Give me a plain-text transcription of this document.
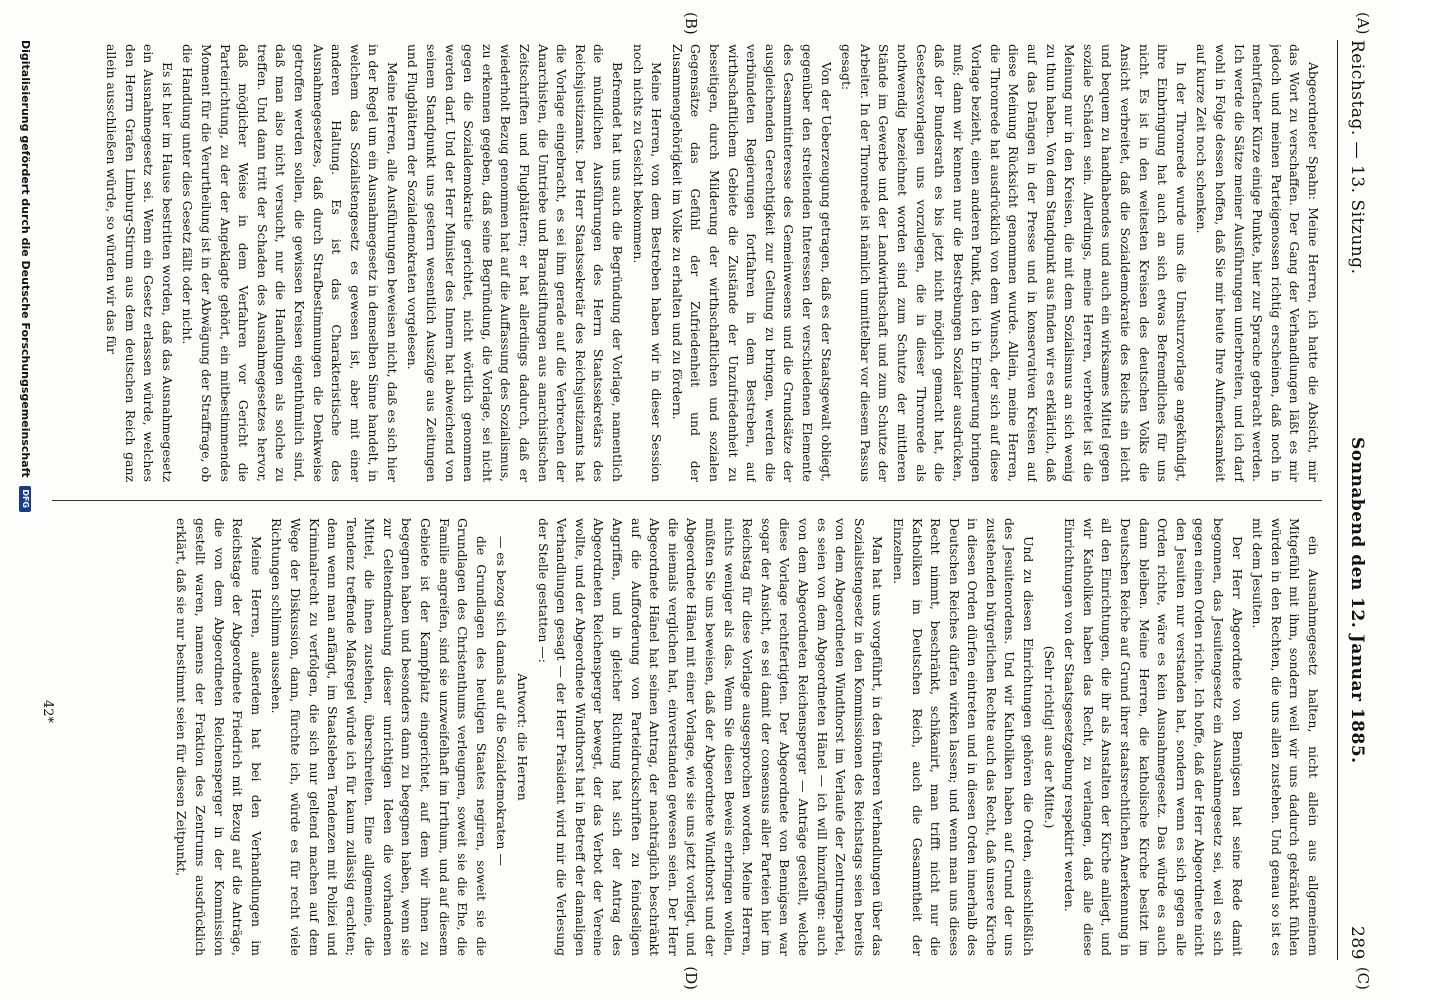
(A)
(B)
(C)
(D)
Reichstag. — 13. Sitzung.
Sonnabend den 12. Januar 1885.
289

Abgeordneter Spahn: Meine Herren, ich hatte die Absicht, mir das Wort zu verschaffen. Der Gang der Verhandlungen läßt es mir jedoch und meinen Parteigenossen richtig erscheinen, daß noch in mehr(facher Kürze einige Punkte, hier zur Sprache gebracht werden. Ich werde die Sätze meiner Ausführungen unterbreiten, und ich darf wohl in Folge dessen hoffen, daß Sie mir heute Ihre Aufmerksamkeit auf kurze Zeit noch schenken.

In der Thronrede wurde uns die Umsturzvorlage angekündigt, ihre Einbringung hat auch an sich etwas Befremdliches für uns nicht. Es ist in den weitesten Kreisen des deutschen Volks die Ansicht verbreitet, daß die Sozialdemokratie des Reichs ein leicht und bequem zu handhabendes und auch ein wirksames Mittel gegen soziale Schäden sein. Allerdings, meine Herren, verbreitet ist die Meinung nur in den Kreisen, die mit dem Sozialismus an sich wenig zu thun haben. Von dem Standpunkt aus finden wir es erklärlich, daß auf das Drängen in der Presse und in konservativen Kreisen auf diese Meinung Rücksicht genommen wurde. Allein, meine Herren, die Thronrede hat ausdrücklich von dem Wunsch, der sich auf diese Vorlage bezieht, einen anderen Punkt, den ich in Erinnerung bringen muß; dann wir kennen nur die Bestrebungen Sozialer ausdrücken, daß der Bundesrath es bis jetzt nicht möglich gemacht hat, die Gesetzesvorlagen uns vorzulegen, die in dieser Thronrede als nothwendig bezeichnet worden sind zum Schutze der mittleren Stände im Gewerbe und der Landwirthschaft und zum Schutze der Arbeiter. In der Thronrede ist nämlich unmittelbar vor diesem Passus gesagt:

Von der Ueberzeugung getragen, daß es der Staatsgewalt obliegt, gegenüber den streitenden Interessen der verschiedenen Elemente des Gesammtinteresse des Gemeinwesens und die Grundsätze der ausgleichenden Gerechtigkeit zur Geltung zu bringen, werden die verbündeten Regierungen fortfahren in dem Bestreben, auf wirthschaftlichem Gebiete die Zustände der Unzufriedenheit zu beseitigen, durch Milderung der wirthschaftlichen und sozialen Gegensätze das Gefühl der Zufriedenheit und der Zusammengehörigkeit im Volke zu erhalten und zu fördern.

Meine Herren, von dem Bestreben haben wir in dieser Session noch nichts zu Gesicht bekommen.

Befremdet hat uns auch die Begründung der Vorlage, namentlich die mündlichen Ausführungen des Herrn Staatssekretärs des Reichsjustizamts. Der Herr Staatssekretär des Reichsjustizamts hat die Vorlage eingebracht, es sei ihm gerade auf die Verbrechen der Anarchisten, die Umtriebe und Brandstiftungen aus anarchistischen Zeitschriften und Flugblättern; er hat allerdings dadurch, daß er wiederholt Bezug genommen hat auf die Auffassung des Sozialismus, zu erkennen gegeben, daß seine Begründung, die Vorlage, sei nicht gegen die Sozialdemokratie gerichtet, nicht wörtlich genommen werden darf. Und der Herr Minister des Innern hat abweichend von seinem Standpunkt uns gestern wesentlich Auszüge aus Zeitungen und Flugblättern der Sozialdemokraten vorgelesen.

Meine Herren, alle Ausführungen beweisen nicht, daß es sich hier in der Regel um ein Ausnahmegesetz in demselben Sinne handelt, in welchem das Sozialistengesetz es gewesen ist, aber mit einer anderen Haltung. Es ist das Charakteristische des Ausnahmegesetzes, daß durch Strafbestimmungen die Denkweise getroffen werden sollen, die gewissen Kreisen eigenthümlich sind, daß man also nicht versucht, nur die Handlungen als solche zu treffen. Und dann tritt der Schaden des Ausnahmegesetzes hervor, daß möglicher Weise in dem Verfahren vor Gericht die Parteirichtung, zu der der Angeklagte gehört, ein mitbestimmendes Moment für die Verurtheilung ist in der Abwägung der Straffrage, ob die Handlung unter dies Gesetz fällt oder nicht.

Es ist hier im Hause bestritten worden, daß das Ausnahmegesetz ein Ausnahmegesetz sei. Wenn ein Gesetz erlassen würde, welches den Herrn Grafen Limburg-Stirum aus dem deutschen Reich ganz allein ausschließen würde, so würden wir das für

ein Ausnahmegesetz halten, nicht allein aus allgemeinem Mitgefühl mit ihm, sondern weil wir uns dadurch gekränkt fühlen würden in den Rechten, die uns allen zustehen. Und genau so ist es mit dem Jesuiten.

Der Herr Abgeordnete von Bennigsen hat seine Rede damit begonnen, das Jesuitengesetz ein Ausnahmegesetz sei, weil es sich gegen einen Orden richte. Ich hoffe, daß der Herr Abgeordnete nicht den Jesuiten nur verstanden hat, sondern wenn es sich gegen alle Orden richte, wäre es kein Ausnahmegesetz. Das würde es auch dann bleiben. Meine Herren, die katholische Kirche besitzt im Deutschen Reiche auf Grund ihrer staatsrechtlichen Anerkennung in all den Einrichtungen, die ihr als Anstalten der Kirche anliegt, und wir Katholiken haben das Recht, zu verlangen, daß alle diese Einrichtungen von der Staatsgesetzgebung respektirt werden.

(Sehr richtig! aus der Mitte.)

Und zu diesen Einrichtungen gehören die Orden, einschließlich des Jesuitenordens. Und wir Katholiken haben auf Grund der uns zustehenden bürgerlichen Rechte auch das Recht, daß unsere Kirche in diesen Orden dürfen eintreten und in diesen Orden innerhalb des Deutschen Reiches dürfen wirken lassen; und wenn man uns dieses Recht nimmt, beschränkt, schikanirt, man trifft nicht nur die Katholiken im Deutschen Reich, auch die Gesammtheit der Einzelnen.

Man hat uns vorgeführt, in den früheren Verhandlungen über das Sozialistengesetz in den Kommissionen des Reichstags seien bereits von dem Abgeordneten Windthorst im Verlaufe der Zentrumspartei, es seien von dem Abgeordneten Hänel — ich will hinzufügen: auch von dem Abgeordneten Reichensperger — Anträge gestellt, welche diese Vorlage rechtfertigten. Der Abgeordnete von Bennigsen war sogar der Ansicht, es sei damit der consensus aller Parteien hier im Reichstag für diese Vorlage ausgesprochen worden. Meine Herren, nichts weniger als das. Wenn Sie diesen Beweis erbringen wollen, müßten Sie uns beweisen, daß der Abgeordnete Windthorst und der Abgeordnete Hänel mit einer Vorlage, wie sie uns jetzt vorliegt, und die niemals verglichen hat, einverstanden gewesen seien. Der Herr Abgeordnete Hänel hat seinen Antrag, der nachträglich beschränkt auf die Aufforderung von Parteidruckschriften zu feindseligen Angriffen, und in gleicher Richtung hat sich der Antrag des Abgeordneten Reichensperger bewegt, der das Verbot der Vereine wollte, und der Abgeordnete Windthorst hat in Betreff der damaligen Verhandlungen gesagt — der Herr Präsident wird mir die Verlesung der Stelle gestatten —:

Antwort: die Herren

— es bezog sich damals auf die Sozialdemokraten —

die Grundlagen des heutigen Staates negiren, soweit sie die Grundlagen des Christenthums verleugnen, soweit sie die Ehe, die Familie angreifen, sind sie unzweifelhaft im Irrthum, und auf diesem Gebiete ist der Kampfplatz eingerichtet, auf dem wir ihnen zu begegnen haben und besonders dann zu begegnen haben, wenn sie zur Geltendmachung dieser unrichtigen Ideen die vorhandenen Mittel, die ihnen zustehen, überschreiten. Eine allgemeine, die Tendenz treffende Maßregel würde ich für kaum zulässig erachten; denn wenn man anfängt, im Staatsleben Tendenzen mit Polizei und Kriminalrecht zu verfolgen, die sich nur geltend machen auf dem Wege der Diskussion, dann, fürchte ich, würde es für recht viele Richtungen schlimm aussehen.

Meine Herren, außerdem hat bei den Verhandlungen im Reichstage der Abgeordnete Friedrich mit Bezug auf die Anträge, die von dem Abgeordneten Reichensperger in der Kommission gestellt waren, namens der Fraktion des Zentrums ausdrücklich erklärt, daß sie nur bestimmt seien für diesen Zeitpunkt,

42*
Digitalisierung gefördert durch die Deutsche Forschungsgemeinschaft
DFG
